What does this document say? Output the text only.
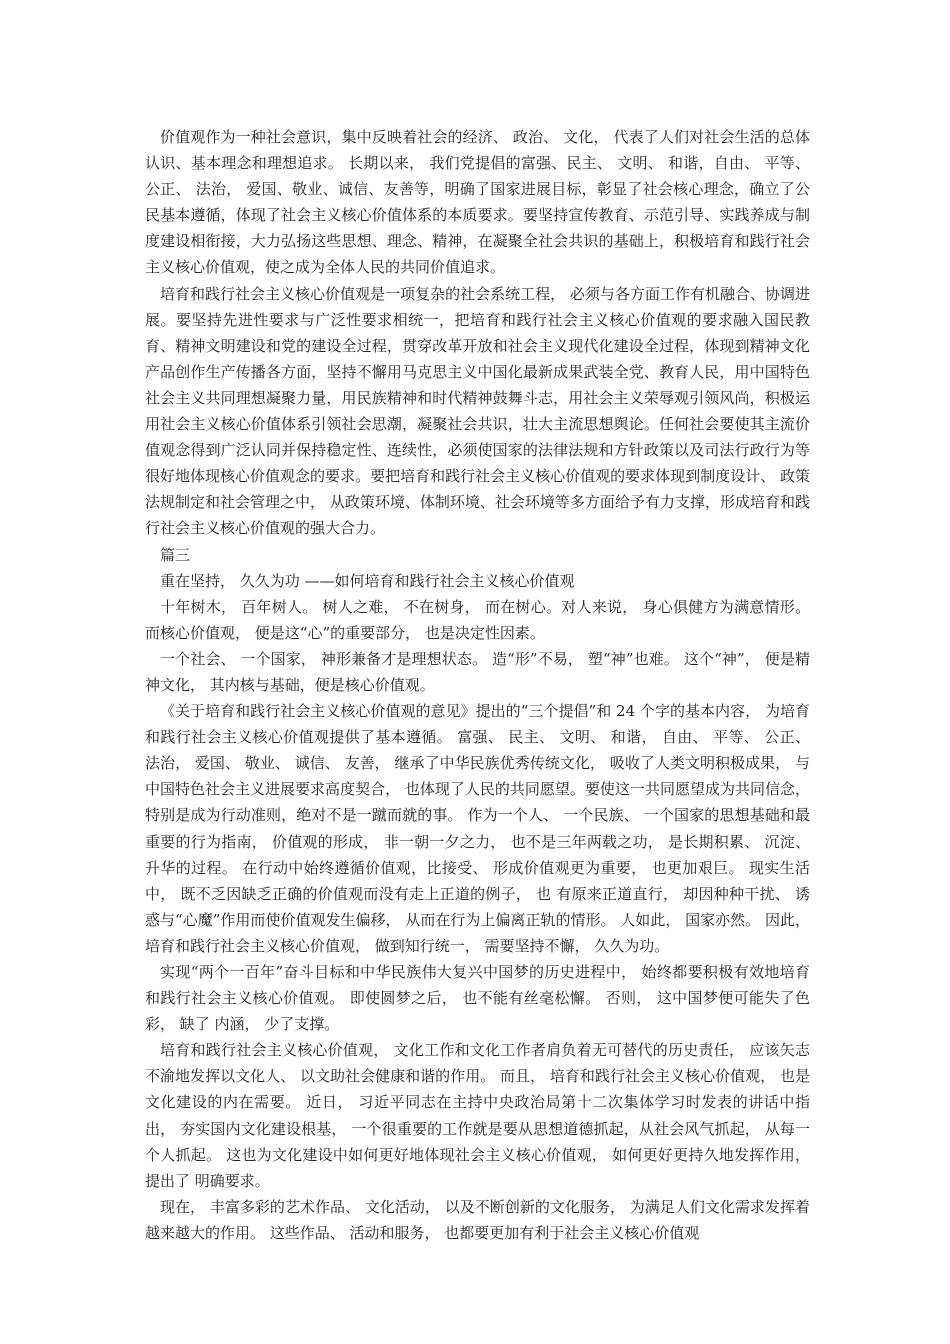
价值观作为一种社会意识，集中反映着社会的经济、 政治、 文化， 代表了人们对社会生活的总体认识、基本理念和理想追求。 长期以来， 我们党提倡的富强、民主、 文明、 和谐，自由、 平等、 公正、 法治， 爱国、敬业、诚信、友善等，明确了国家进展目标，彰显了社会核心理念，确立了公民基本遵循，体现了社会主义核心价值体系的本质要求。要坚持宣传教育、示范引导、实践养成与制度建设相衔接，大力弘扬这些思想、理念、精神，在凝聚全社会共识的基础上，积极培育和践行社会主义核心价值观，使之成为全体人民的共同价值追求。

培育和践行社会主义核心价值观是一项复杂的社会系统工程， 必须与各方面工作有机融合、协调进展。要坚持先进性要求与广泛性要求相统一，把培育和践行社会主义核心价值观的要求融入国民教育、精神文明建设和党的建设全过程，贯穿改革开放和社会主义现代化建设全过程，体现到精神文化产品创作生产传播各方面，坚持不懈用马克思主义中国化最新成果武装全党、教育人民，用中国特色社会主义共同理想凝聚力量，用民族精神和时代精神鼓舞斗志，用社会主义荣辱观引领风尚，积极运用社会主义核心价值体系引领社会思潮，凝聚社会共识，壮大主流思想舆论。任何社会要使其主流价值观念得到广泛认同并保持稳定性、连续性，必须使国家的法律法规和方针政策以及司法行政行为等很好地体现核心价值观念的要求。要把培育和践行社会主义核心价值观的要求体现到制度设计、 政策法规制定和社会管理之中， 从政策环境、体制环境、社会环境等多方面给予有力支撑，形成培育和践行社会主义核心价值观的强大合力。

篇三

重在坚持， 久久为功 ——如何培育和践行社会主义核心价值观

十年树木， 百年树人。 树人之难， 不在树身， 而在树心。对人来说， 身心俱健方为满意情形。 而核心价值观， 便是这“心”的重要部分， 也是决定性因素。

一个社会、 一个国家， 神形兼备才是理想状态。 造“形”不易， 塑“神”也难。 这个“神”， 便是精神文化， 其内核与基础，便是核心价值观。

《关于培育和践行社会主义核心价值观的意见》提出的“三个提倡”和 24 个字的基本内容， 为培育和践行社会主义核心价值观提供了基本遵循。 富强、 民主、 文明、 和谐， 自由、 平等、 公正、 法治， 爱国、 敬业、 诚信、 友善， 继承了中华民族优秀传统文化， 吸收了人类文明积极成果， 与中国特色社会主义进展要求高度契合， 也体现了人民的共同愿望。要使这一共同愿望成为共同信念， 特别是成为行动准则，绝对不是一蹴而就的事。 作为一个人、 一个民族、 一个国家的思想基础和最重要的行为指南， 价值观的形成， 非一朝一夕之力， 也不是三年两载之功， 是长期积累、 沉淀、 升华的过程。 在行动中始终遵循价值观，比接受、 形成价值观更为重要， 也更加艰巨。 现实生活中， 既不乏因缺乏正确的价值观而没有走上正道的例子， 也 有原来正道直行， 却因种种干扰、 诱惑与“心魔”作用而使价值观发生偏移， 从而在行为上偏离正轨的情形。 人如此， 国家亦然。 因此， 培育和践行社会主义核心价值观， 做到知行统一， 需要坚持不懈， 久久为功。

实现“两个一百年”奋斗目标和中华民族伟大复兴中国梦的历史进程中， 始终都要积极有效地培育和践行社会主义核心价值观。 即使圆梦之后， 也不能有丝毫松懈。 否则， 这中国梦便可能失了色彩， 缺了 内涵， 少了支撑。

培育和践行社会主义核心价值观， 文化工作和文化工作者肩负着无可替代的历史责任， 应该矢志不渝地发挥以文化人、 以文助社会健康和谐的作用。 而且， 培育和践行社会主义核心价值观， 也是文化建设的内在需要。 近日， 习近平同志在主持中央政治局第十二次集体学习时发表的讲话中指出， 夯实国内文化建设根基， 一个很重要的工作就是要从思想道德抓起，从社会风气抓起， 从每一个人抓起。 这也为文化建设中如何更好地体现社会主义核心价值观， 如何更好更持久地发挥作用， 提出了 明确要求。

现在， 丰富多彩的艺术作品、 文化活动， 以及不断创新的文化服务， 为满足人们文化需求发挥着越来越大的作用。 这些作品、 活动和服务， 也都要更加有利于社会主义核心价值观
